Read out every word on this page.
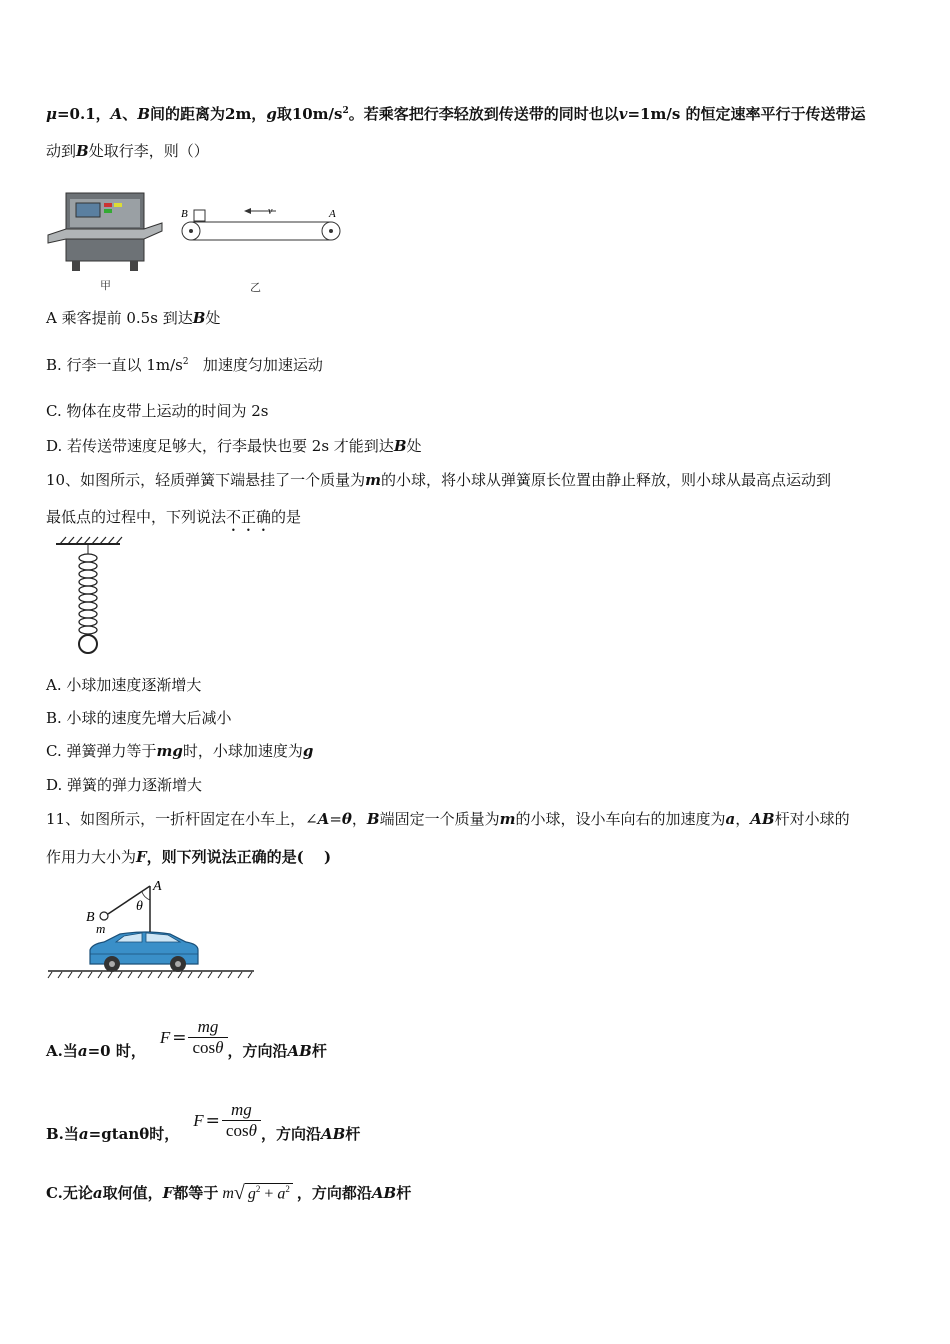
μ=0.1，A、B间的距离为2m，g取$10m/s^2$。若乘客把行李轻放到传送带的同时也以v=1m/s 的恒定速率平行于传送带运
动到B处取行李，则（）
甲
B	v	A
乙
A 乘客提前 0.5s 到达B处
B. 行李一直以 $1m/s^2$ 加速度匀加速运动
C. 物体在皮带上运动的时间为 2s
D. 若传送带速度足够大，行李最快也要 2s 才能到达B处
10、如图所示，轻质弹簧下端悬挂了一个质量为m的小球，将小球从弹簧原长位置由静止释放，则小球从最高点运动到
最低点的过程中，下列说法不正确的是
A. 小球加速度逐渐增大
B. 小球的速度先增大后减小
C. 弹簧弹力等于mg时，小球加速度为g
D. 弹簧的弹力逐渐增大
11、如图所示，一折杆固定在小车上，∠A=θ，B端固定一个质量为m的小球，设小车向右的加速度为a，AB杆对小球的
作用力大小为F，则下列说法正确的是(　 )
A
θ
B
m
A.当a=0 时，
$F = \frac{mg}{\cos\theta}$ ，方向沿AB杆
B.当a=gtanθ时，
$F = \frac{mg}{\cos\theta}$ ，方向沿AB杆
C.无论a取何值，F都等于 m √ $g^2 + a^2$ ，方向都沿AB杆
